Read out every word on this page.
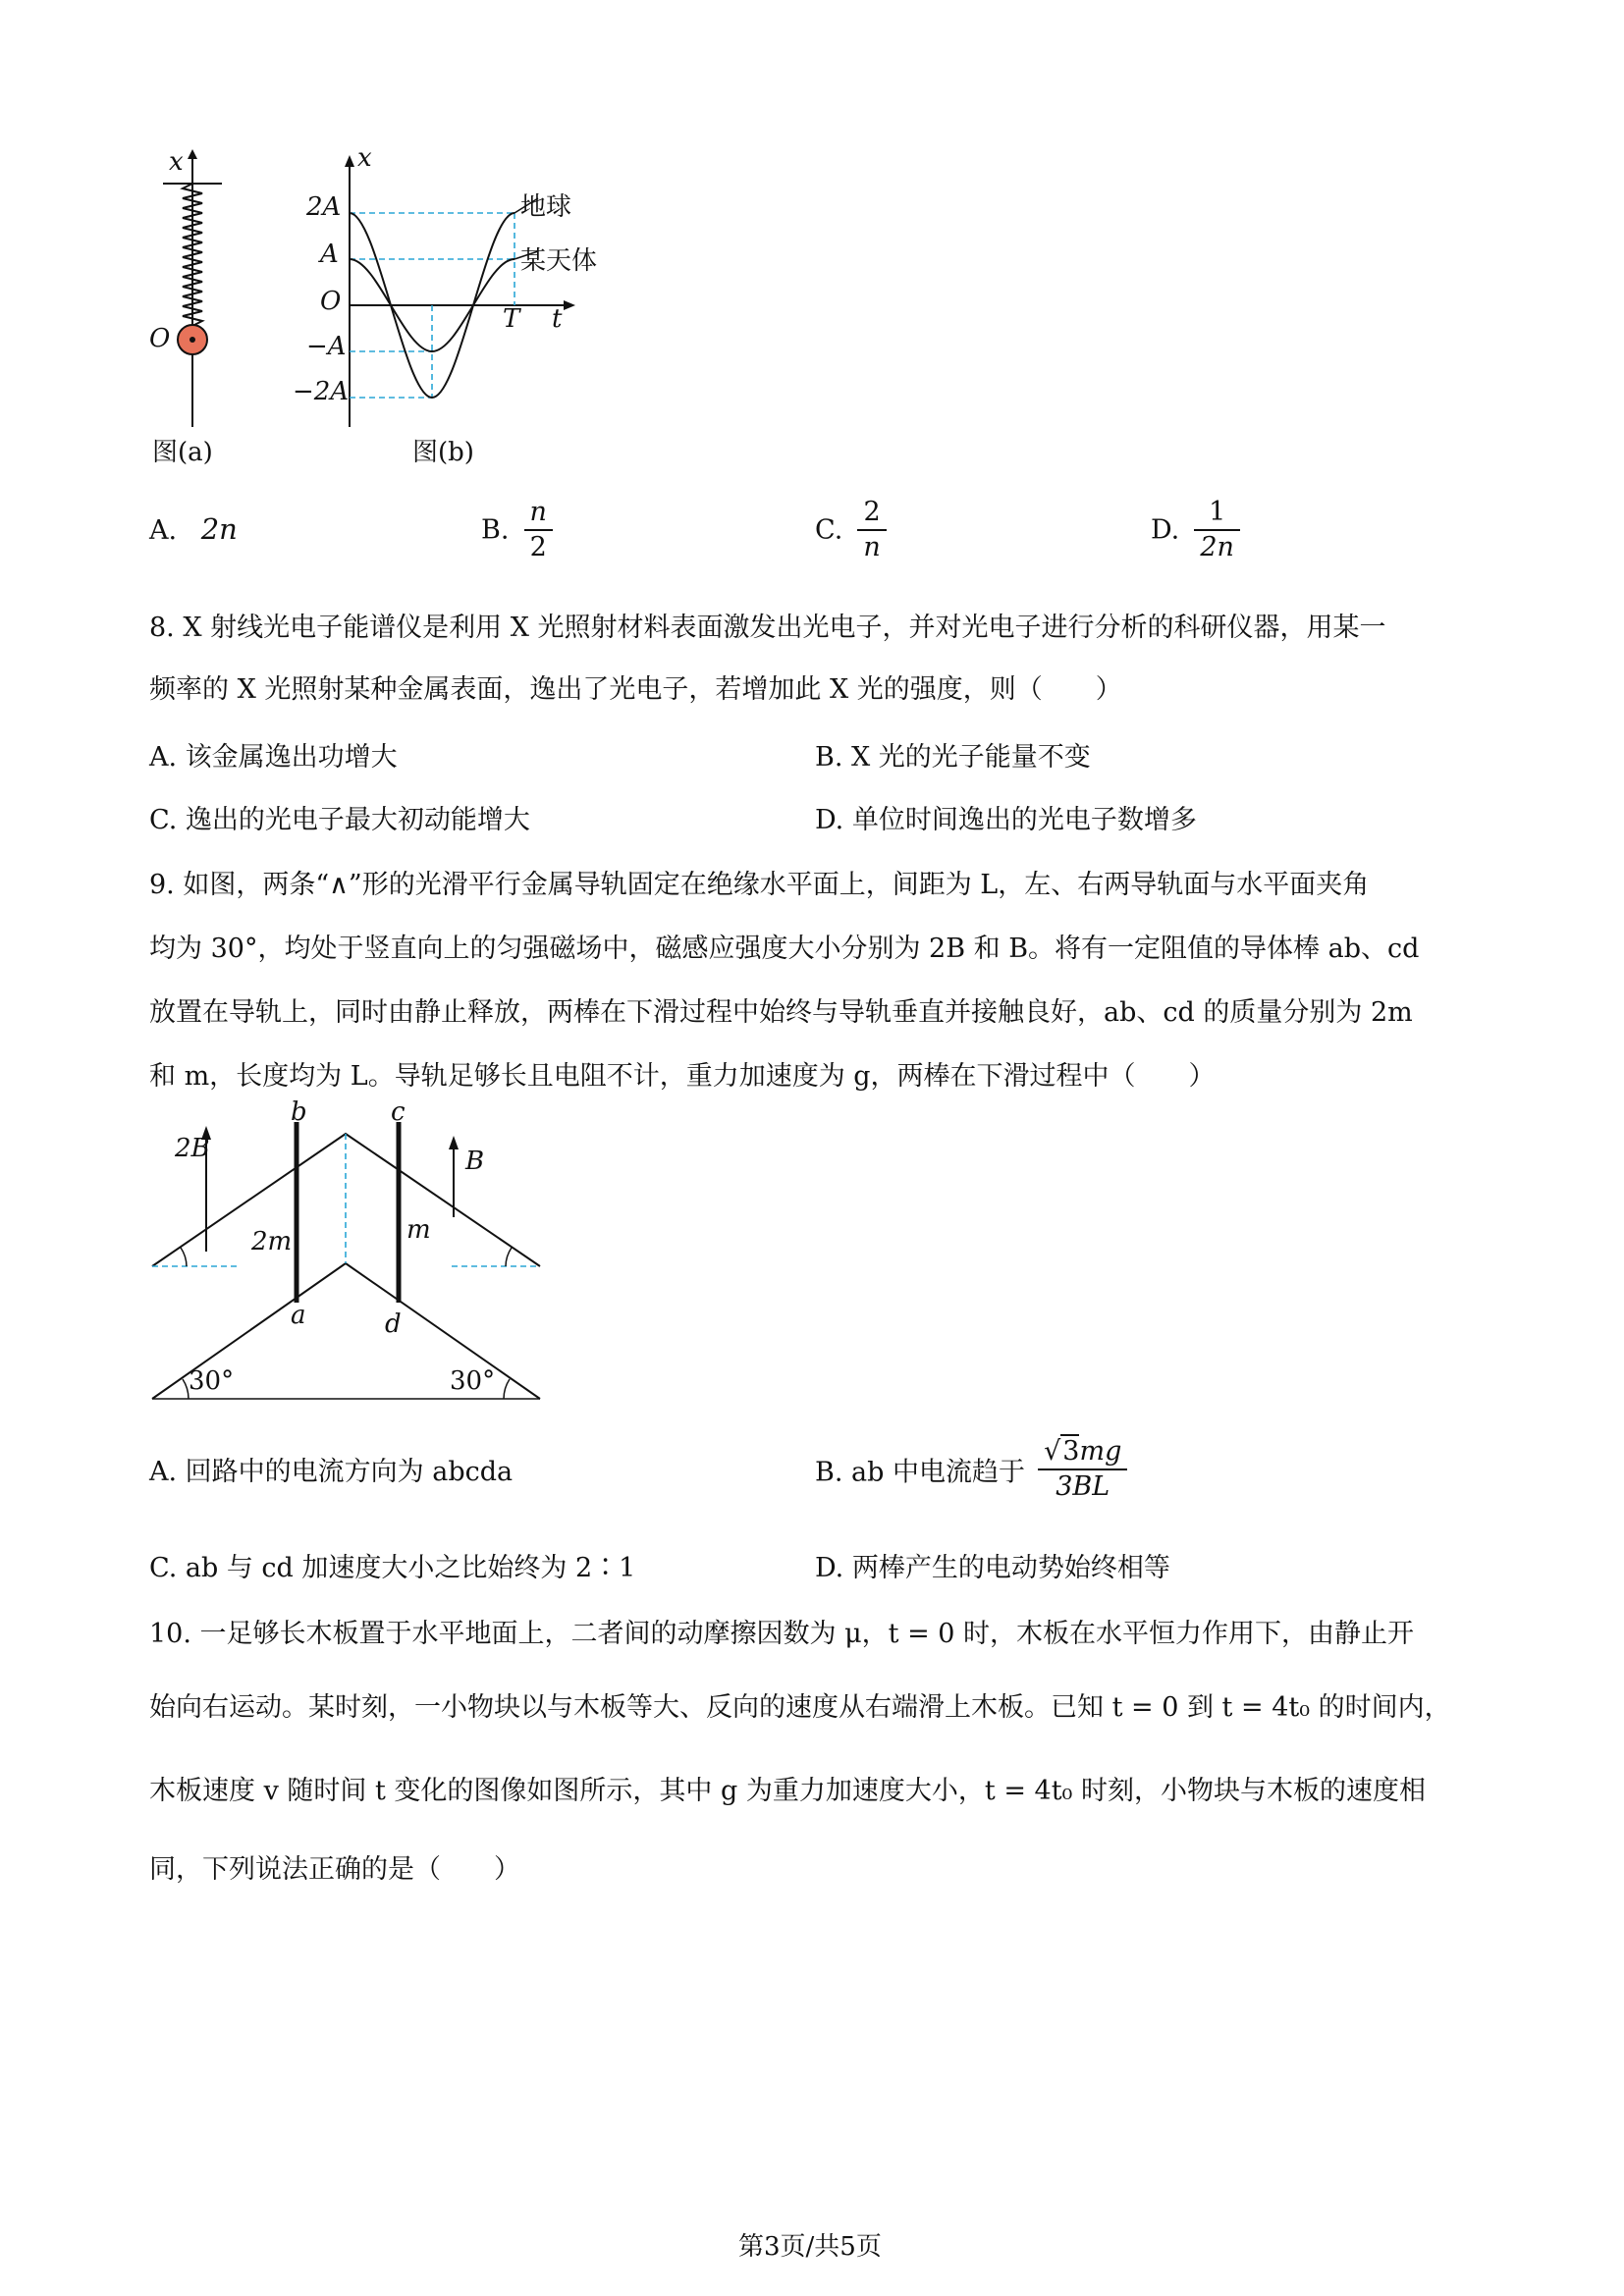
x
O
图(a)
x
2A
A
O
−A
−2A
T t
地球
某天体
图(b)
A. 2n	B. $\frac{n}{2}$	C. $\frac{2}{n}$	D. $\frac{1}{2n}$
8. X 射线光电子能谱仪是利用 X 光照射材料表面激发出光电子，并对光电子进行分析的科研仪器，用某一
频率的 X 光照射某种金属表面，逸出了光电子，若增加此 X 光的强度，则（　　）
A. 该金属逸出功增大	B. X 光的光子能量不变
C. 逸出的光电子最大初动能增大	D. 单位时间逸出的光电子数增多
9. 如图，两条“∧”形的光滑平行金属导轨固定在绝缘水平面上，间距为 L，左、右两导轨面与水平面夹角
均为 30°，均处于竖直向上的匀强磁场中，磁感应强度大小分别为 2B 和 B。将有一定阻值的导体棒 ab、cd
放置在导轨上，同时由静止释放，两棒在下滑过程中始终与导轨垂直并接触良好，ab、cd 的质量分别为 2m
和 m，长度均为 L。导轨足够长且电阻不计，重力加速度为 g，两棒在下滑过程中（　　）
2B	B
b	c
a	d
2m	m
30°	30°
A. 回路中的电流方向为 abcda	B. ab 中电流趋于 $\frac{√3mg}{3BL}$
C. ab 与 cd 加速度大小之比始终为 2∶1	D. 两棒产生的电动势始终相等
10. 一足够长木板置于水平地面上，二者间的动摩擦因数为 μ，t = 0 时，木板在水平恒力作用下，由静止开
始向右运动。某时刻，一小物块以与木板等大、反向的速度从右端滑上木板。已知 t = 0 到 t = 4t₀ 的时间内，
木板速度 v 随时间 t 变化的图像如图所示，其中 g 为重力加速度大小，t = 4t₀ 时刻，小物块与木板的速度相
同，下列说法正确的是（　　）
第3页/共5页
